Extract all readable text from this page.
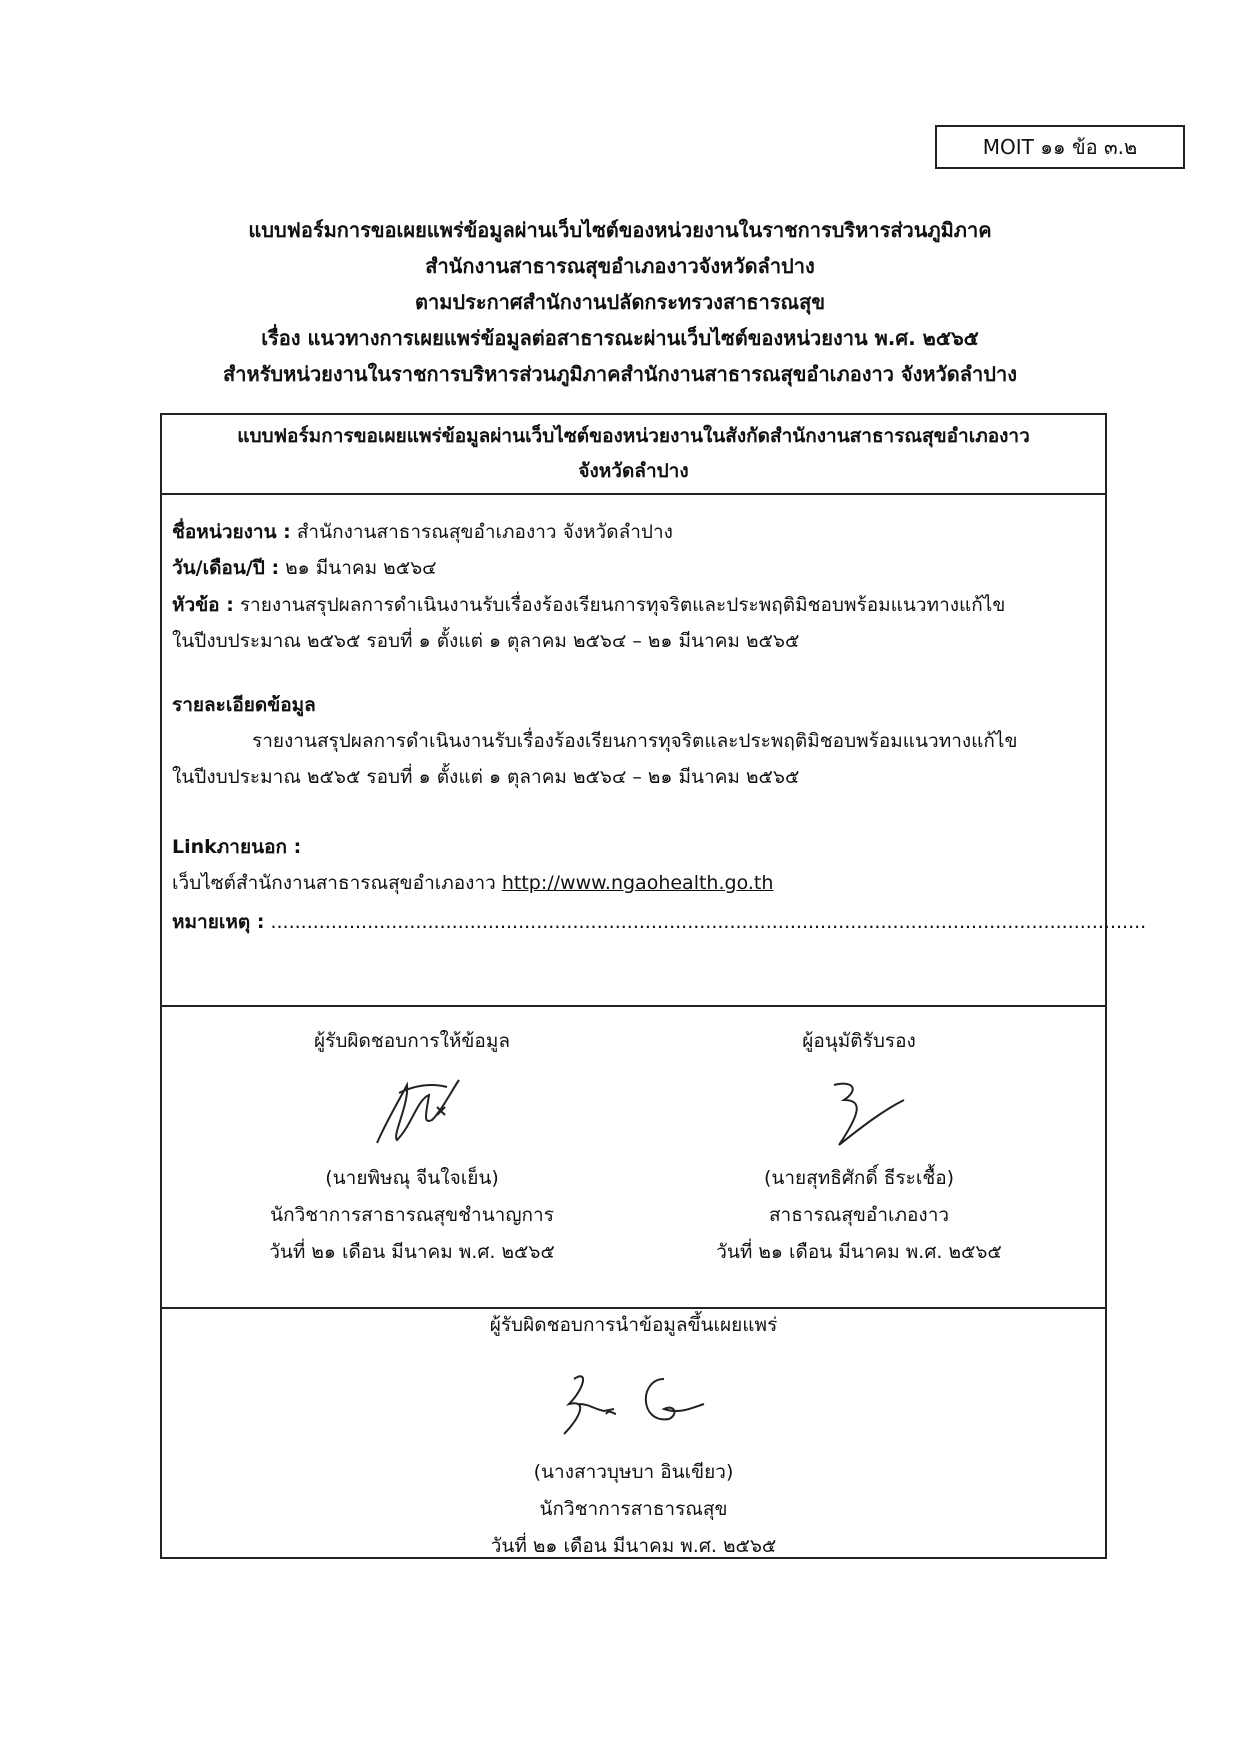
MOIT ๑๑ ข้อ ๓.๒
แบบฟอร์มการขอเผยแพร่ข้อมูลผ่านเว็บไซต์ของหน่วยงานในราชการบริหารส่วนภูมิภาค
สำนักงานสาธารณสุขอำเภองาวจังหวัดลำปาง
ตามประกาศสำนักงานปลัดกระทรวงสาธารณสุข
เรื่อง แนวทางการเผยแพร่ข้อมูลต่อสาธารณะผ่านเว็บไซต์ของหน่วยงาน พ.ศ. ๒๕๖๕
สำหรับหน่วยงานในราชการบริหารส่วนภูมิภาคสำนักงานสาธารณสุขอำเภองาว จังหวัดลำปาง
แบบฟอร์มการขอเผยแพร่ข้อมูลผ่านเว็บไซต์ของหน่วยงานในสังกัดสำนักงานสาธารณสุขอำเภองาว
จังหวัดลำปาง
ชื่อหน่วยงาน : สำนักงานสาธารณสุขอำเภองาว จังหวัดลำปาง
วัน/เดือน/ปี : ๒๑ มีนาคม ๒๕๖๔
หัวข้อ : รายงานสรุปผลการดำเนินงานรับเรื่องร้องเรียนการทุจริตและประพฤติมิชอบพร้อมแนวทางแก้ไข
ในปีงบประมาณ ๒๕๖๕ รอบที่ ๑ ตั้งแต่ ๑ ตุลาคม ๒๕๖๔ – ๒๑ มีนาคม ๒๕๖๕
รายละเอียดข้อมูล
รายงานสรุปผลการดำเนินงานรับเรื่องร้องเรียนการทุจริตและประพฤติมิชอบพร้อมแนวทางแก้ไข
ในปีงบประมาณ ๒๕๖๕ รอบที่ ๑ ตั้งแต่ ๑ ตุลาคม ๒๕๖๔ – ๒๑ มีนาคม ๒๕๖๕
Linkภายนอก :
เว็บไซต์สำนักงานสาธารณสุขอำเภองาว http://www.ngaohealth.go.th
หมายเหตุ : .................................................................................................................................................
ผู้รับผิดชอบการให้ข้อมูล
(นายพิษณุ จีนใจเย็น)
นักวิชาการสาธารณสุขชำนาญการ
วันที่ ๒๑ เดือน มีนาคม พ.ศ. ๒๕๖๕
ผู้อนุมัติรับรอง
(นายสุทธิศักดิ์ ธีระเชื้อ)
สาธารณสุขอำเภองาว
วันที่ ๒๑ เดือน มีนาคม พ.ศ. ๒๕๖๕
ผู้รับผิดชอบการนำข้อมูลขึ้นเผยแพร่
(นางสาวบุษบา อินเขียว)
นักวิชาการสาธารณสุข
วันที่ ๒๑ เดือน มีนาคม พ.ศ. ๒๕๖๕
